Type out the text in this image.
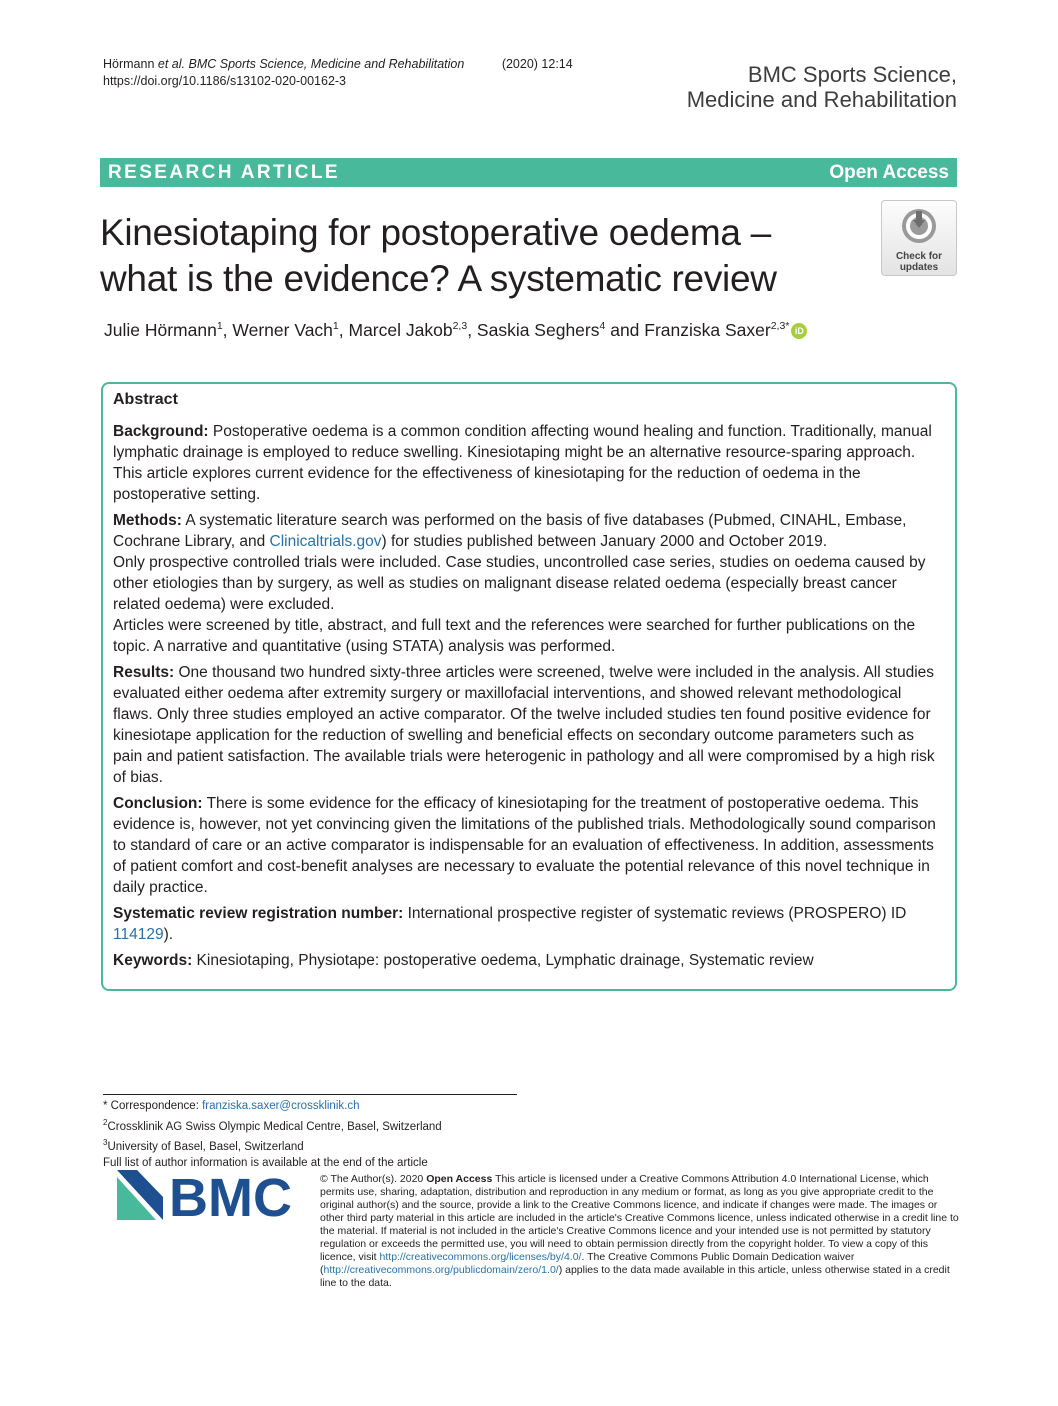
Hörmann et al. BMC Sports Science, Medicine and Rehabilitation	(2020) 12:14
https://doi.org/10.1186/s13102-020-00162-3	BMC Sports Science,
Medicine and Rehabilitation
RESEARCH ARTICLE	Open Access
Kinesiotaping for postoperative oedema –
what is the evidence? A systematic review
Check for
updates
Julie Hörmann$^1$, Werner Vach$^1$, Marcel Jakob$^{2,3}$, Saskia Seghers$^4$ and Franziska Saxer$^{2,3*}$ iD
Abstract

Background: Postoperative oedema is a common condition affecting wound healing and function. Traditionally, manual lymphatic drainage is employed to reduce swelling. Kinesiotaping might be an alternative resource-sparing approach. This article explores current evidence for the effectiveness of kinesiotaping for the reduction of oedema in the postoperative setting.

Methods: A systematic literature search was performed on the basis of five databases (Pubmed, CINAHL, Embase, Cochrane Library, and Clinicaltrials.gov) for studies published between January 2000 and October 2019.

Only prospective controlled trials were included. Case studies, uncontrolled case series, studies on oedema caused by other etiologies than by surgery, as well as studies on malignant disease related oedema (especially breast cancer related oedema) were excluded.

Articles were screened by title, abstract, and full text and the references were searched for further publications on the topic. A narrative and quantitative (using STATA) analysis was performed.

Results: One thousand two hundred sixty-three articles were screened, twelve were included in the analysis. All studies evaluated either oedema after extremity surgery or maxillofacial interventions, and showed relevant methodological flaws. Only three studies employed an active comparator. Of the twelve included studies ten found positive evidence for kinesiotape application for the reduction of swelling and beneficial effects on secondary outcome parameters such as pain and patient satisfaction. The available trials were heterogenic in pathology and all were compromised by a high risk of bias.

Conclusion: There is some evidence for the efficacy of kinesiotaping for the treatment of postoperative oedema. This evidence is, however, not yet convincing given the limitations of the published trials. Methodologically sound comparison to standard of care or an active comparator is indispensable for an evaluation of effectiveness. In addition, assessments of patient comfort and cost-benefit analyses are necessary to evaluate the potential relevance of this novel technique in daily practice.

Systematic review registration number: International prospective register of systematic reviews (PROSPERO) ID 114129).

Keywords: Kinesiotaping, Physiotape: postoperative oedema, Lymphatic drainage, Systematic review

* Correspondence: franziska.saxer@crossklinik.ch
$^2$Crossklinik AG Swiss Olympic Medical Centre, Basel, Switzerland
$^3$University of Basel, Basel, Switzerland
Full list of author information is available at the end of the article
BMC	© The Author(s). 2020 Open Access This article is licensed under a Creative Commons Attribution 4.0 International License, which permits use, sharing, adaptation, distribution and reproduction in any medium or format, as long as you give appropriate credit to the original author(s) and the source, provide a link to the Creative Commons licence, and indicate if changes were made. The images or other third party material in this article are included in the article's Creative Commons licence, unless indicated otherwise in a credit line to the material. If material is not included in the article's Creative Commons licence and your intended use is not permitted by statutory regulation or exceeds the permitted use, you will need to obtain permission directly from the copyright holder. To view a copy of this licence, visit http://creativecommons.org/licenses/by/4.0/. The Creative Commons Public Domain Dedication waiver (http://creativecommons.org/publicdomain/zero/1.0/) applies to the data made available in this article, unless otherwise stated in a credit line to the data.
